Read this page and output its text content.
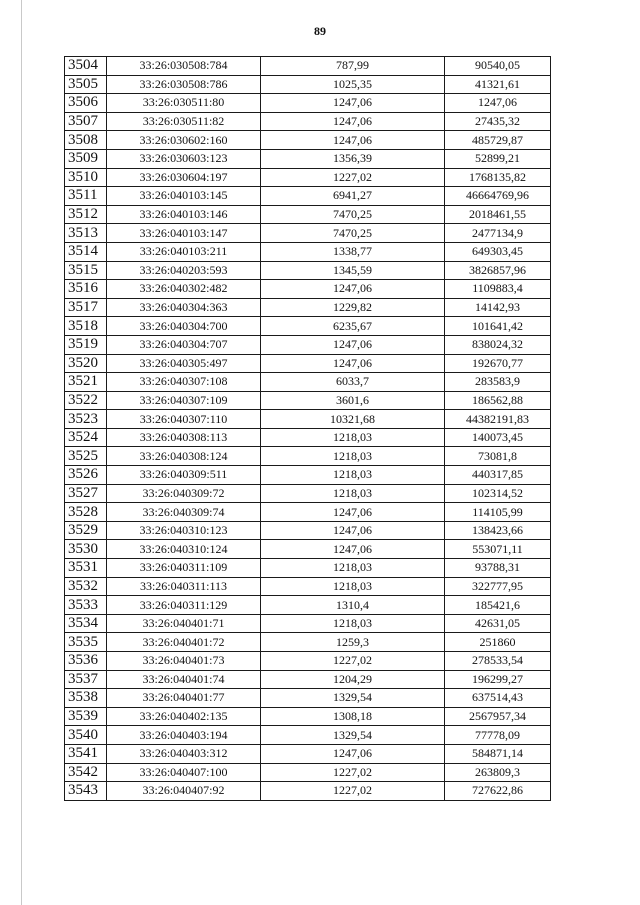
89
3504	33:26:030508:784	787,99	90540,05
3505	33:26:030508:786	1025,35	41321,61
3506	33:26:030511:80	1247,06	1247,06
3507	33:26:030511:82	1247,06	27435,32
3508	33:26:030602:160	1247,06	485729,87
3509	33:26:030603:123	1356,39	52899,21
3510	33:26:030604:197	1227,02	1768135,82
3511	33:26:040103:145	6941,27	46664769,96
3512	33:26:040103:146	7470,25	2018461,55
3513	33:26:040103:147	7470,25	2477134,9
3514	33:26:040103:211	1338,77	649303,45
3515	33:26:040203:593	1345,59	3826857,96
3516	33:26:040302:482	1247,06	1109883,4
3517	33:26:040304:363	1229,82	14142,93
3518	33:26:040304:700	6235,67	101641,42
3519	33:26:040304:707	1247,06	838024,32
3520	33:26:040305:497	1247,06	192670,77
3521	33:26:040307:108	6033,7	283583,9
3522	33:26:040307:109	3601,6	186562,88
3523	33:26:040307:110	10321,68	44382191,83
3524	33:26:040308:113	1218,03	140073,45
3525	33:26:040308:124	1218,03	73081,8
3526	33:26:040309:511	1218,03	440317,85
3527	33:26:040309:72	1218,03	102314,52
3528	33:26:040309:74	1247,06	114105,99
3529	33:26:040310:123	1247,06	138423,66
3530	33:26:040310:124	1247,06	553071,11
3531	33:26:040311:109	1218,03	93788,31
3532	33:26:040311:113	1218,03	322777,95
3533	33:26:040311:129	1310,4	185421,6
3534	33:26:040401:71	1218,03	42631,05
3535	33:26:040401:72	1259,3	251860
3536	33:26:040401:73	1227,02	278533,54
3537	33:26:040401:74	1204,29	196299,27
3538	33:26:040401:77	1329,54	637514,43
3539	33:26:040402:135	1308,18	2567957,34
3540	33:26:040403:194	1329,54	77778,09
3541	33:26:040403:312	1247,06	584871,14
3542	33:26:040407:100	1227,02	263809,3
3543	33:26:040407:92	1227,02	727622,86
